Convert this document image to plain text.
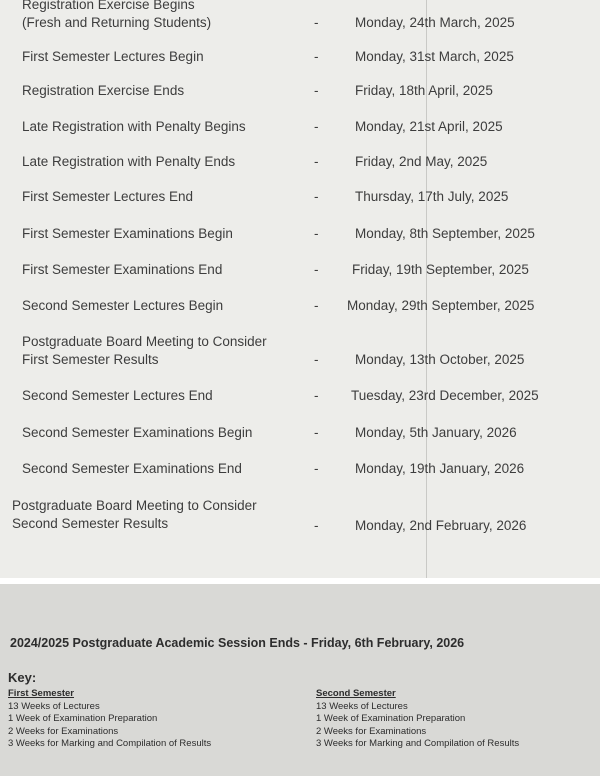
Registration Exercise Begins
(Fresh and Returning Students)	-	Monday, 24th March, 2025
First Semester Lectures Begin	-	Monday, 31st March, 2025
Registration Exercise Ends	-	Friday, 18th April, 2025
Late Registration with Penalty Begins	-	Monday, 21st April, 2025
Late Registration with Penalty Ends	-	Friday, 2nd May, 2025
First Semester Lectures End	-	Thursday, 17th July, 2025
First Semester Examinations Begin	-	Monday, 8th September, 2025
First Semester Examinations End	- Friday, 19th September, 2025
Second Semester Lectures Begin	- Monday, 29th September, 2025
Postgraduate Board Meeting to Consider
First Semester Results	-	Monday, 13th October, 2025
Second Semester Lectures End	- Tuesday, 23rd December, 2025
Second Semester Examinations Begin	-	Monday, 5th January, 2026
Second Semester Examinations End	-	Monday, 19th January, 2026
Postgraduate Board Meeting to Consider
Second Semester Results	-	Monday, 2nd February, 2026
2024/2025 Postgraduate Academic Session Ends - Friday, 6th February, 2026
Key:
First Semester
13 Weeks of Lectures
1 Week of Examination Preparation
2 Weeks for Examinations
3 Weeks for Marking and Compilation of Results
Second Semester
13 Weeks of Lectures
1 Week of Examination Preparation
2 Weeks for Examinations
3 Weeks for Marking and Compilation of Results
